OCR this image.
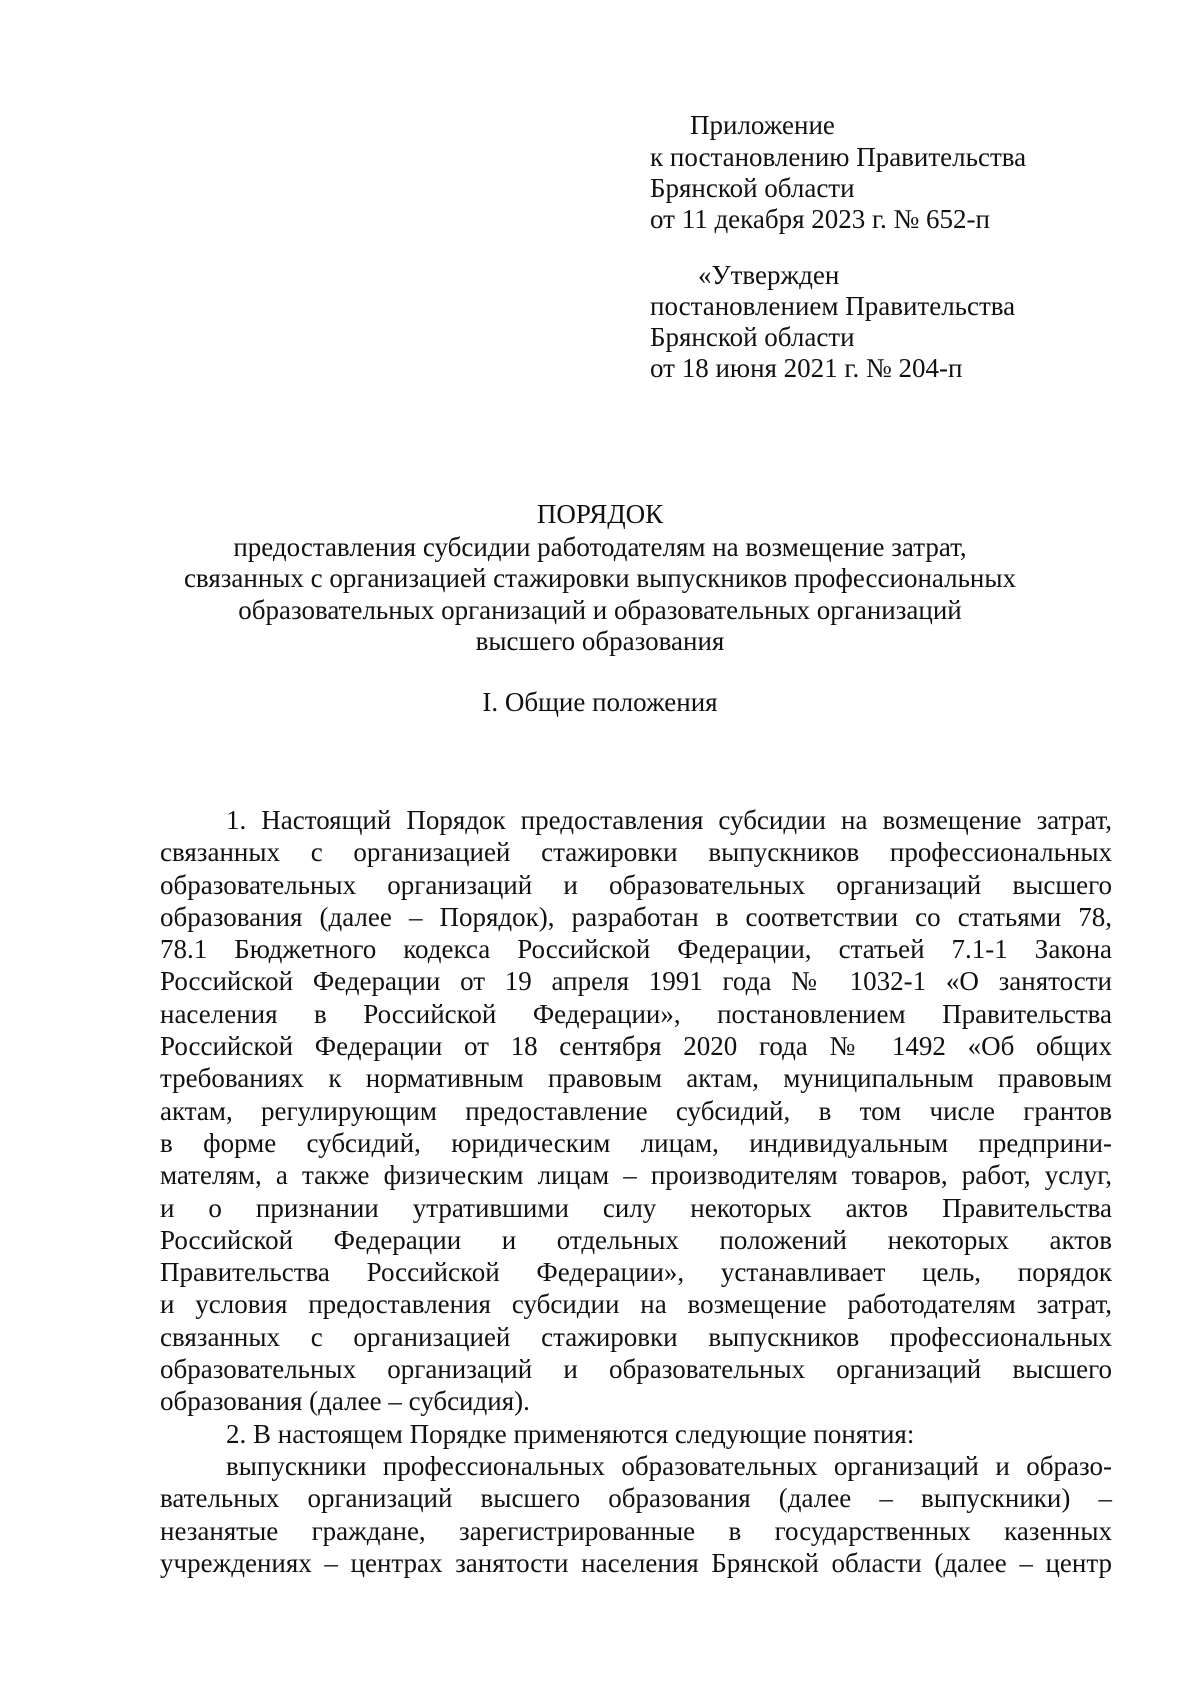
Приложение
к постановлению Правительства
Брянской области
от 11 декабря 2023 г. № 652-п
«Утвержден
постановлением Правительства
Брянской области
от 18 июня 2021 г. № 204-п
ПОРЯДОК
предоставления субсидии работодателям на возмещение затрат,
связанных с организацией стажировки выпускников профессиональных
образовательных организаций и образовательных организаций
высшего образования
I. Общие положения

1. Настоящий Порядок предоставления субсидии на возмещение затрат,

связанных с организацией стажировки выпускников профессиональных

образовательных организаций и образовательных организаций высшего

образования (далее – Порядок), разработан в соответствии со статьями 78,

78.1 Бюджетного кодекса Российской Федерации, статьей 7.1-1 Закона

Российской Федерации от 19 апреля 1991 года № 1032-1 «О занятости

населения в Российской Федерации», постановлением Правительства

Российской Федерации от 18 сентября 2020 года № 1492 «Об общих

требованиях к нормативным правовым актам, муниципальным правовым

актам, регулирующим предоставление субсидий, в том числе грантов

в форме субсидий, юридическим лицам, индивидуальным предприни-

мателям, а также физическим лицам – производителям товаров, работ, услуг,

и о признании утратившими силу некоторых актов Правительства

Российской Федерации и отдельных положений некоторых актов

Правительства Российской Федерации», устанавливает цель, порядок

и условия предоставления субсидии на возмещение работодателям затрат,

связанных с организацией стажировки выпускников профессиональных

образовательных организаций и образовательных организаций высшего

образования (далее – субсидия).

2. В настоящем Порядке применяются следующие понятия:

выпускники профессиональных образовательных организаций и образо-

вательных организаций высшего образования (далее – выпускники) –

незанятые граждане, зарегистрированные в государственных казенных

учреждениях – центрах занятости населения Брянской области (далее – центр
